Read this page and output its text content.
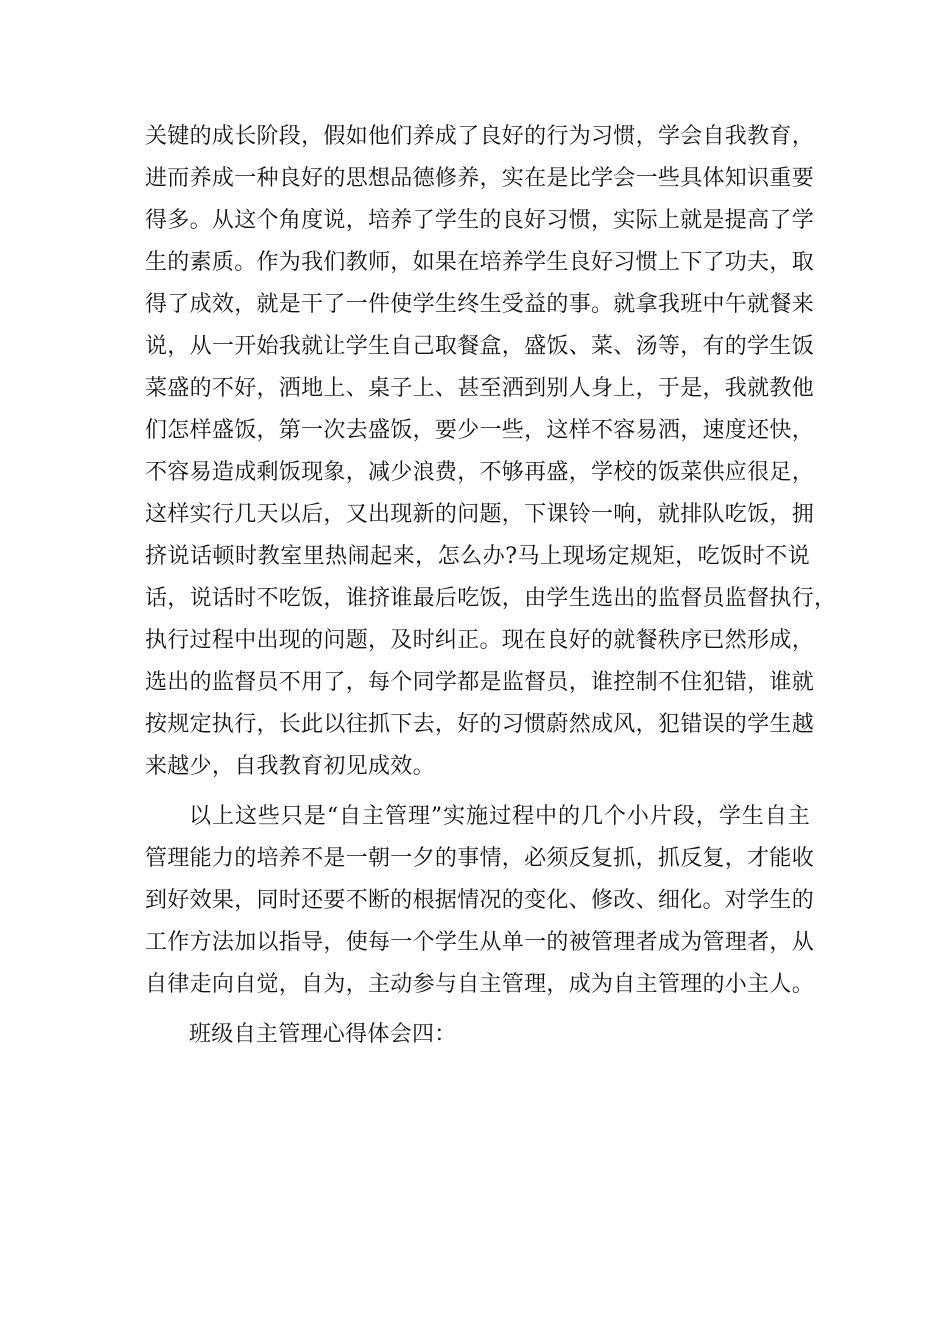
关键的成长阶段，假如他们养成了良好的行为习惯，学会自我教育，
进而养成一种良好的思想品德修养，实在是比学会一些具体知识重要
得多。从这个角度说，培养了学生的良好习惯，实际上就是提高了学
生的素质。作为我们教师，如果在培养学生良好习惯上下了功夫，取
得了成效，就是干了一件使学生终生受益的事。就拿我班中午就餐来
说，从一开始我就让学生自己取餐盒，盛饭、菜、汤等，有的学生饭
菜盛的不好，洒地上、桌子上、甚至洒到别人身上，于是，我就教他
们怎样盛饭，第一次去盛饭，要少一些，这样不容易洒，速度还快，
不容易造成剩饭现象，减少浪费，不够再盛，学校的饭菜供应很足，
这样实行几天以后，又出现新的问题，下课铃一响，就排队吃饭，拥
挤说话顿时教室里热闹起来，怎么办?马上现场定规矩，吃饭时不说
话，说话时不吃饭，谁挤谁最后吃饭，由学生选出的监督员监督执行，
执行过程中出现的问题，及时纠正。现在良好的就餐秩序已然形成，
选出的监督员不用了，每个同学都是监督员，谁控制不住犯错，谁就
按规定执行，长此以往抓下去，好的习惯蔚然成风，犯错误的学生越
来越少，自我教育初见成效。
以上这些只是“自主管理”实施过程中的几个小片段，学生自主
管理能力的培养不是一朝一夕的事情，必须反复抓，抓反复，才能收
到好效果，同时还要不断的根据情况的变化、修改、细化。对学生的
工作方法加以指导，使每一个学生从单一的被管理者成为管理者，从
自律走向自觉，自为，主动参与自主管理，成为自主管理的小主人。
班级自主管理心得体会四：
